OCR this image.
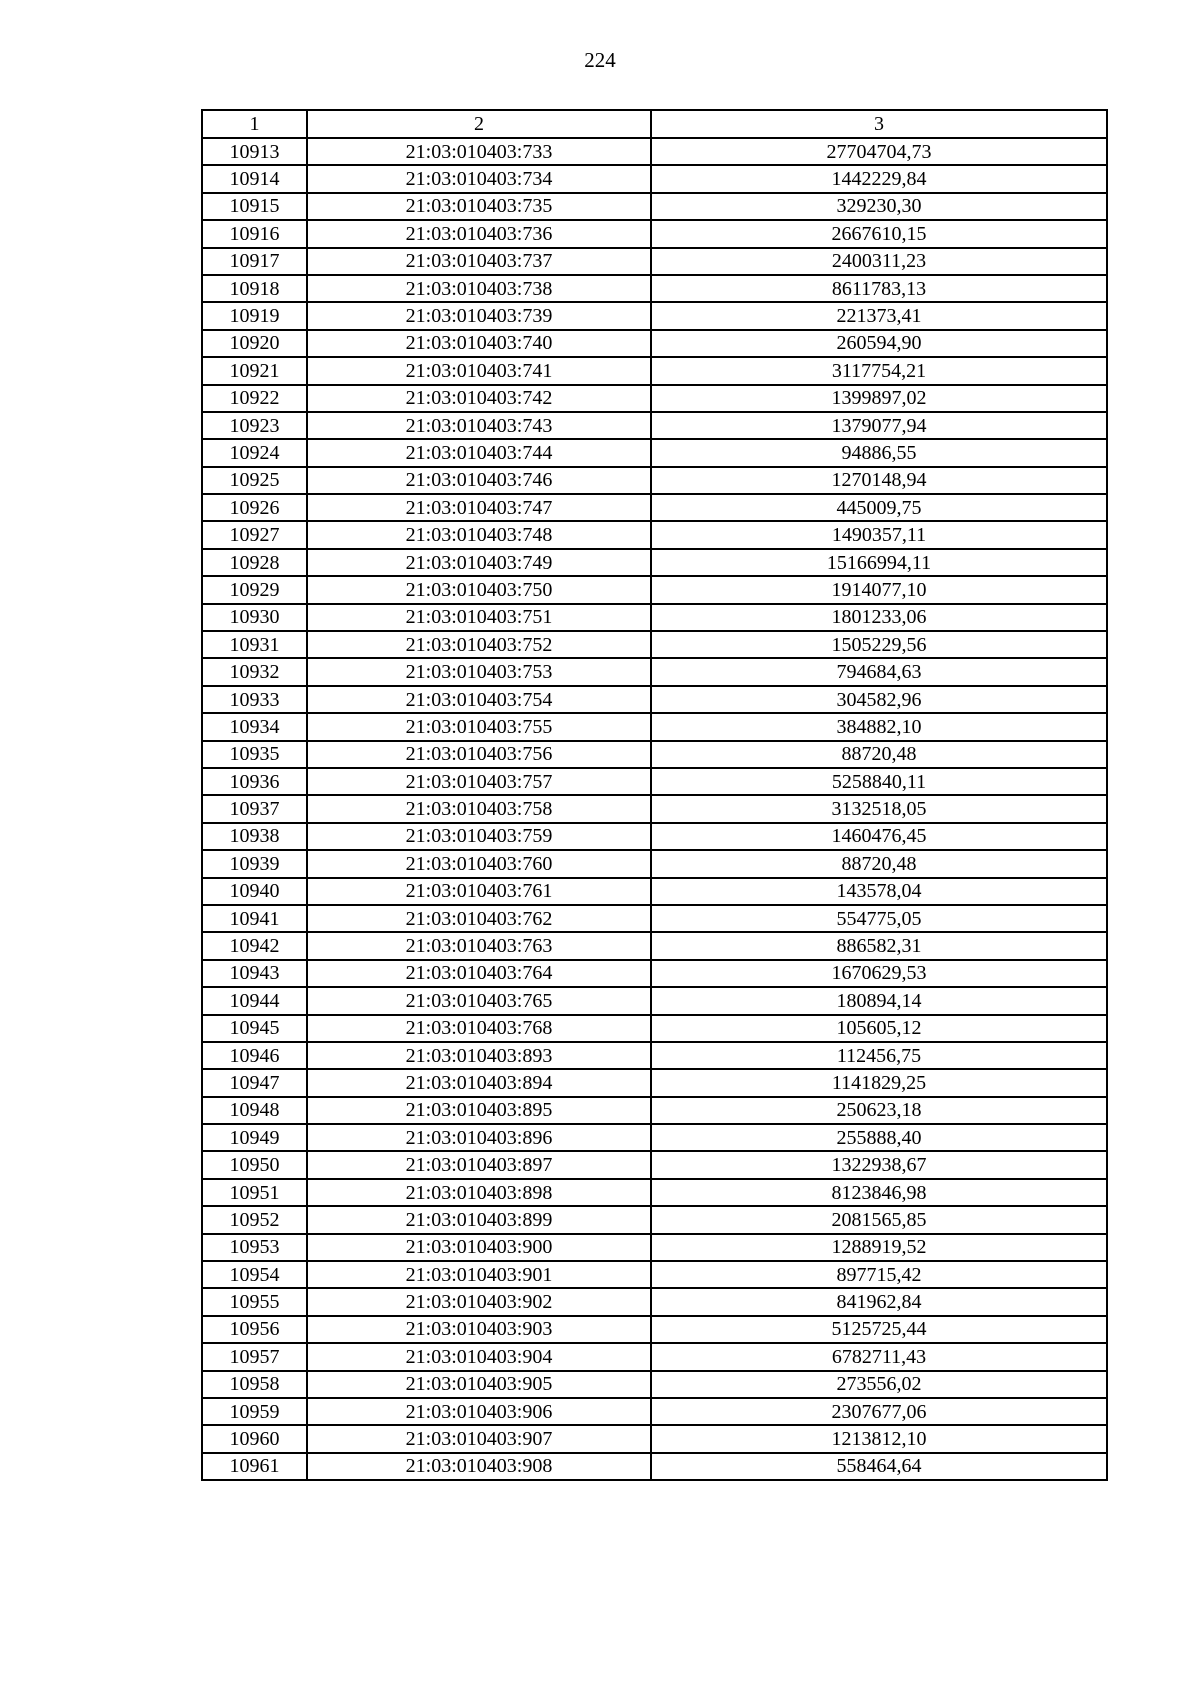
224
1	2	3
10913	21:03:010403:733	27704704,73
10914	21:03:010403:734	1442229,84
10915	21:03:010403:735	329230,30
10916	21:03:010403:736	2667610,15
10917	21:03:010403:737	2400311,23
10918	21:03:010403:738	8611783,13
10919	21:03:010403:739	221373,41
10920	21:03:010403:740	260594,90
10921	21:03:010403:741	3117754,21
10922	21:03:010403:742	1399897,02
10923	21:03:010403:743	1379077,94
10924	21:03:010403:744	94886,55
10925	21:03:010403:746	1270148,94
10926	21:03:010403:747	445009,75
10927	21:03:010403:748	1490357,11
10928	21:03:010403:749	15166994,11
10929	21:03:010403:750	1914077,10
10930	21:03:010403:751	1801233,06
10931	21:03:010403:752	1505229,56
10932	21:03:010403:753	794684,63
10933	21:03:010403:754	304582,96
10934	21:03:010403:755	384882,10
10935	21:03:010403:756	88720,48
10936	21:03:010403:757	5258840,11
10937	21:03:010403:758	3132518,05
10938	21:03:010403:759	1460476,45
10939	21:03:010403:760	88720,48
10940	21:03:010403:761	143578,04
10941	21:03:010403:762	554775,05
10942	21:03:010403:763	886582,31
10943	21:03:010403:764	1670629,53
10944	21:03:010403:765	180894,14
10945	21:03:010403:768	105605,12
10946	21:03:010403:893	112456,75
10947	21:03:010403:894	1141829,25
10948	21:03:010403:895	250623,18
10949	21:03:010403:896	255888,40
10950	21:03:010403:897	1322938,67
10951	21:03:010403:898	8123846,98
10952	21:03:010403:899	2081565,85
10953	21:03:010403:900	1288919,52
10954	21:03:010403:901	897715,42
10955	21:03:010403:902	841962,84
10956	21:03:010403:903	5125725,44
10957	21:03:010403:904	6782711,43
10958	21:03:010403:905	273556,02
10959	21:03:010403:906	2307677,06
10960	21:03:010403:907	1213812,10
10961	21:03:010403:908	558464,64
